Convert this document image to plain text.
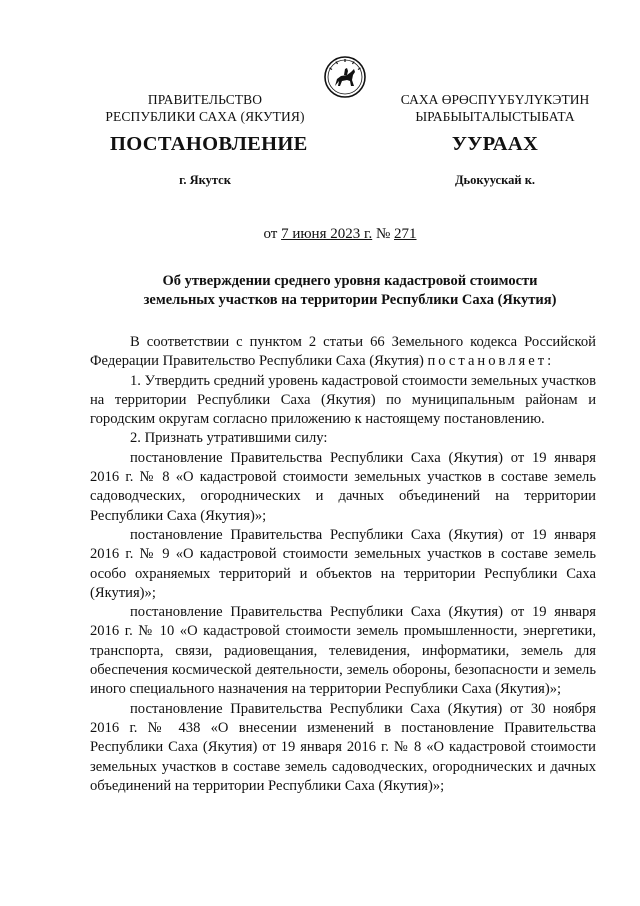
ПРАВИТЕЛЬСТВО
РЕСПУБЛИКИ САХА (ЯКУТИЯ)
САХА ӨРӨСПҮҮБҮЛҮКЭТИН
ЫРАБЫЫТАЛЫСТЫБАТА
ПОСТАНОВЛЕНИЕ	УУРААХ
г. Якутск	Дьокуускай к.
от 7 июня 2023 г. № 271
Об утверждении среднего уровня кадастровой стоимости
земельных участков на территории Республики Саха (Якутия)

В соответствии с пунктом 2 статьи 66 Земельного кодекса Российской Федерации Правительство Республики Саха (Якутия) постановляет:

1. Утвердить средний уровень кадастровой стоимости земельных участков на территории Республики Саха (Якутия) по муниципальным районам и городским округам согласно приложению к настоящему постановлению.

2. Признать утратившими силу:

постановление Правительства Республики Саха (Якутия) от 19 января 2016 г. № 8 «О кадастровой стоимости земельных участков в составе земель садоводческих, огороднических и дачных объединений на территории Республики Саха (Якутия)»;

постановление Правительства Республики Саха (Якутия) от 19 января 2016 г. № 9 «О кадастровой стоимости земельных участков в составе земель особо охраняемых территорий и объектов на территории Республики Саха (Якутия)»;

постановление Правительства Республики Саха (Якутия) от 19 января 2016 г. № 10 «О кадастровой стоимости земель промышленности, энергетики, транспорта, связи, радиовещания, телевидения, информатики, земель для обеспечения космической деятельности, земель обороны, безопасности и земель иного специального назначения на территории Республики Саха (Якутия)»;

постановление Правительства Республики Саха (Якутия) от 30 ноября 2016 г. № 438 «О внесении изменений в постановление Правительства Республики Саха (Якутия) от 19 января 2016 г. № 8 «О кадастровой стоимости земельных участков в составе земель садоводческих, огороднических и дачных объединений на территории Республики Саха (Якутия)»;
